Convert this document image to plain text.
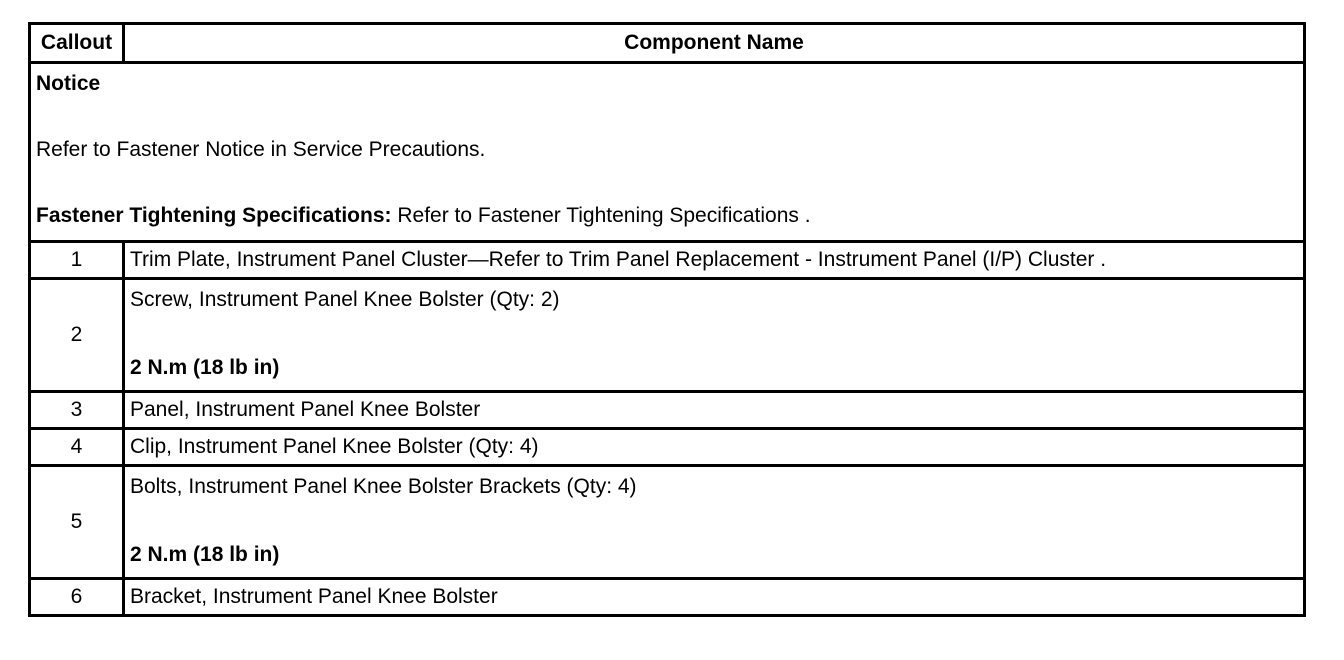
Callout	Component Name
Notice
Refer to Fastener Notice in Service Precautions.
Fastener Tightening Specifications: Refer to Fastener Tightening Specifications .	

1	Trim Plate, Instrument Panel Cluster—Refer to Trim Panel Replacement - Instrument Panel (I/P) Cluster .
2	Screw, Instrument Panel Knee Bolster (Qty: 2)
2 N.m (18 lb in)

3	Panel, Instrument Panel Knee Bolster
4	Clip, Instrument Panel Knee Bolster (Qty: 4)
5	Bolts, Instrument Panel Knee Bolster Brackets (Qty: 4)
2 N.m (18 lb in)

6	Bracket, Instrument Panel Knee Bolster
